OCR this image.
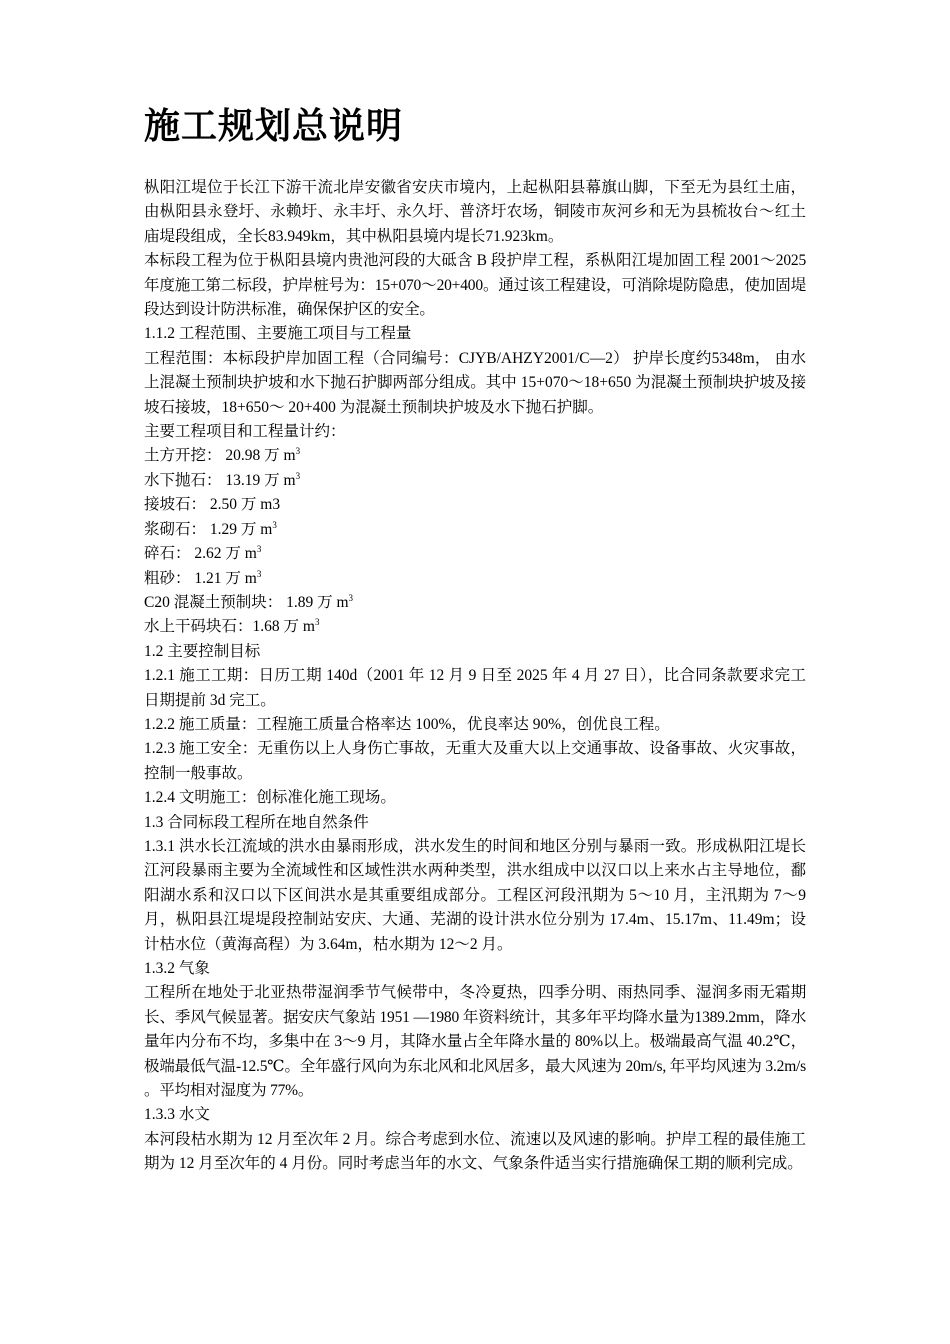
施工规划总说明

枞阳江堤位于长江下游干流北岸安徽省安庆市境内，上起枞阳县幕旗山脚，下至无为县红土庙，由枞阳县永登圩、永赖圩、永丰圩、永久圩、普济圩农场，铜陵市灰河乡和无为县梳妆台～红土庙堤段组成，全长83.949km，其中枞阳县境内堤长71.923km。

本标段工程为位于枞阳县境内贵池河段的大砥含 B 段护岸工程，系枞阳江堤加固工程 2001～2025 年度施工第二标段，护岸桩号为：15+070～20+400。通过该工程建设，可消除堤防隐患，使加固堤段达到设计防洪标准，确保保护区的安全。

1.1.2 工程范围、主要施工项目与工程量

工程范围：本标段护岸加固工程（合同编号：CJYB/AHZY2001/C—2） 护岸长度约5348m， 由水上混凝土预制块护坡和水下抛石护脚两部分组成。其中 15+070～18+650 为混凝土预制块护坡及接坡石接坡，18+650～ 20+400 为混凝土预制块护坡及水下抛石护脚。

主要工程项目和工程量计约：

土方开挖： 20.98 万 $m^3$

水下抛石： 13.19 万 $m^3$

接坡石： 2.50 万 m3

浆砌石： 1.29 万 $m^3$

碎石： 2.62 万 $m^3$

粗砂： 1.21 万 $m^3$

C20 混凝土预制块： 1.89 万 $m^3$

水上干码块石：1.68 万 $m^3$

1.2 主要控制目标

1.2.1 施工工期：日历工期 140d（2001 年 12 月 9 日至 2025 年 4 月 27 日），比合同条款要求完工日期提前 3d 完工。

1.2.2 施工质量：工程施工质量合格率达 100%，优良率达 90%，创优良工程。

1.2.3 施工安全：无重伤以上人身伤亡事故，无重大及重大以上交通事故、设备事故、火灾事故，控制一般事故。

1.2.4 文明施工：创标准化施工现场。

1.3 合同标段工程所在地自然条件

1.3.1 洪水长江流域的洪水由暴雨形成，洪水发生的时间和地区分别与暴雨一致。形成枞阳江堤长江河段暴雨主要为全流域性和区域性洪水两种类型，洪水组成中以汉口以上来水占主导地位，鄱阳湖水系和汉口以下区间洪水是其重要组成部分。工程区河段汛期为 5～10 月，主汛期为 7～9 月，枞阳县江堤堤段控制站安庆、大通、芜湖的设计洪水位分别为 17.4m、15.17m、11.49m；设计枯水位（黄海高程）为 3.64m，枯水期为 12～2 月。

1.3.2 气象

工程所在地处于北亚热带湿润季节气候带中，冬冷夏热，四季分明、雨热同季、湿润多雨无霜期长、季风气候显著。据安庆气象站 1951 —1980 年资料统计，其多年平均降水量为1389.2mm，降水量年内分布不均，多集中在 3～9 月，其降水量占全年降水量的 80%以上。极端最高气温 40.2℃， 极端最低气温-12.5℃。全年盛行风向为东北风和北风居多，最大风速为 20m/s, 年平均风速为 3.2m/s 。平均相对湿度为 77%。

1.3.3 水文

本河段枯水期为 12 月至次年 2 月。综合考虑到水位、流速以及风速的影响。护岸工程的最佳施工期为 12 月至次年的 4 月份。同时考虑当年的水文、气象条件适当实行措施确保工期的顺利完成。
